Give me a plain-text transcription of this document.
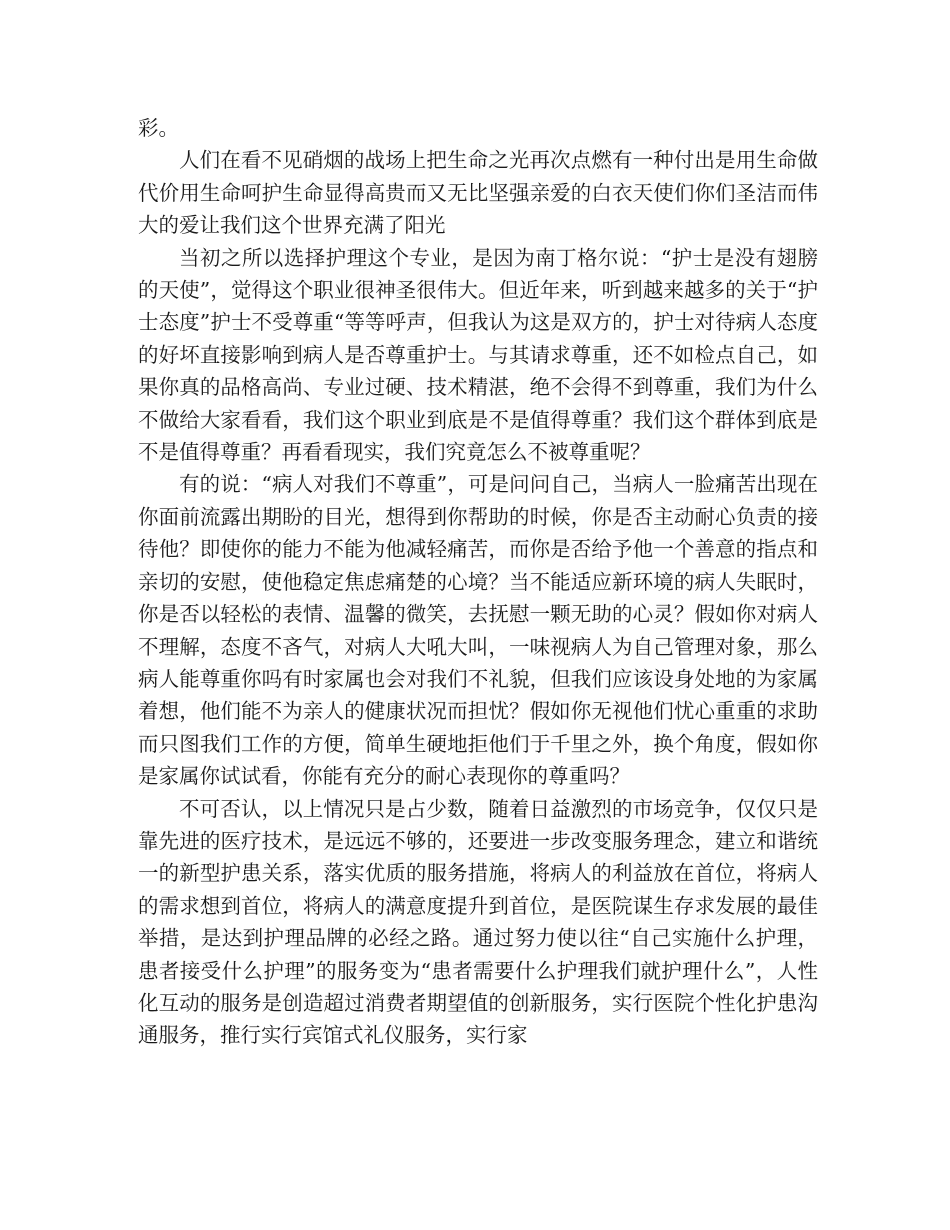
彩。

人们在看不见硝烟的战场上把生命之光再次点燃有一种付出是用生命做代价用生命呵护生命显得高贵而又无比坚强亲爱的白衣天使们你们圣洁而伟大的爱让我们这个世界充满了阳光

当初之所以选择护理这个专业，是因为南丁格尔说：“护士是没有翅膀的天使”，觉得这个职业很神圣很伟大。但近年来，听到越来越多的关于“护士态度”护士不受尊重“等等呼声，但我认为这是双方的，护士对待病人态度的好坏直接影响到病人是否尊重护士。与其请求尊重，还不如检点自己，如果你真的品格高尚、专业过硬、技术精湛，绝不会得不到尊重，我们为什么不做给大家看看，我们这个职业到底是不是值得尊重？我们这个群体到底是不是值得尊重？再看看现实，我们究竟怎么不被尊重呢？

有的说：“病人对我们不尊重”，可是问问自己，当病人一脸痛苦出现在你面前流露出期盼的目光，想得到你帮助的时候，你是否主动耐心负责的接待他？即使你的能力不能为他减轻痛苦，而你是否给予他一个善意的指点和亲切的安慰，使他稳定焦虑痛楚的心境？当不能适应新环境的病人失眠时，你是否以轻松的表情、温馨的微笑，去抚慰一颗无助的心灵？假如你对病人不理解，态度不吝气，对病人大吼大叫，一味视病人为自己管理对象，那么病人能尊重你吗有时家属也会对我们不礼貌，但我们应该设身处地的为家属着想，他们能不为亲人的健康状况而担忧？假如你无视他们忧心重重的求助而只图我们工作的方便，简单生硬地拒他们于千里之外，换个角度，假如你是家属你试试看，你能有充分的耐心表现你的尊重吗？

不可否认，以上情况只是占少数，随着日益激烈的市场竞争，仅仅只是靠先进的医疗技术，是远远不够的，还要进一步改变服务理念，建立和谐统一的新型护患关系，落实优质的服务措施，将病人的利益放在首位，将病人的需求想到首位，将病人的满意度提升到首位，是医院谋生存求发展的最佳举措，是达到护理品牌的必经之路。通过努力使以往“自己实施什么护理，患者接受什么护理”的服务变为“患者需要什么护理我们就护理什么”，人性化互动的服务是创造超过消费者期望值的创新服务，实行医院个性化护患沟通服务，推行实行宾馆式礼仪服务，实行家
